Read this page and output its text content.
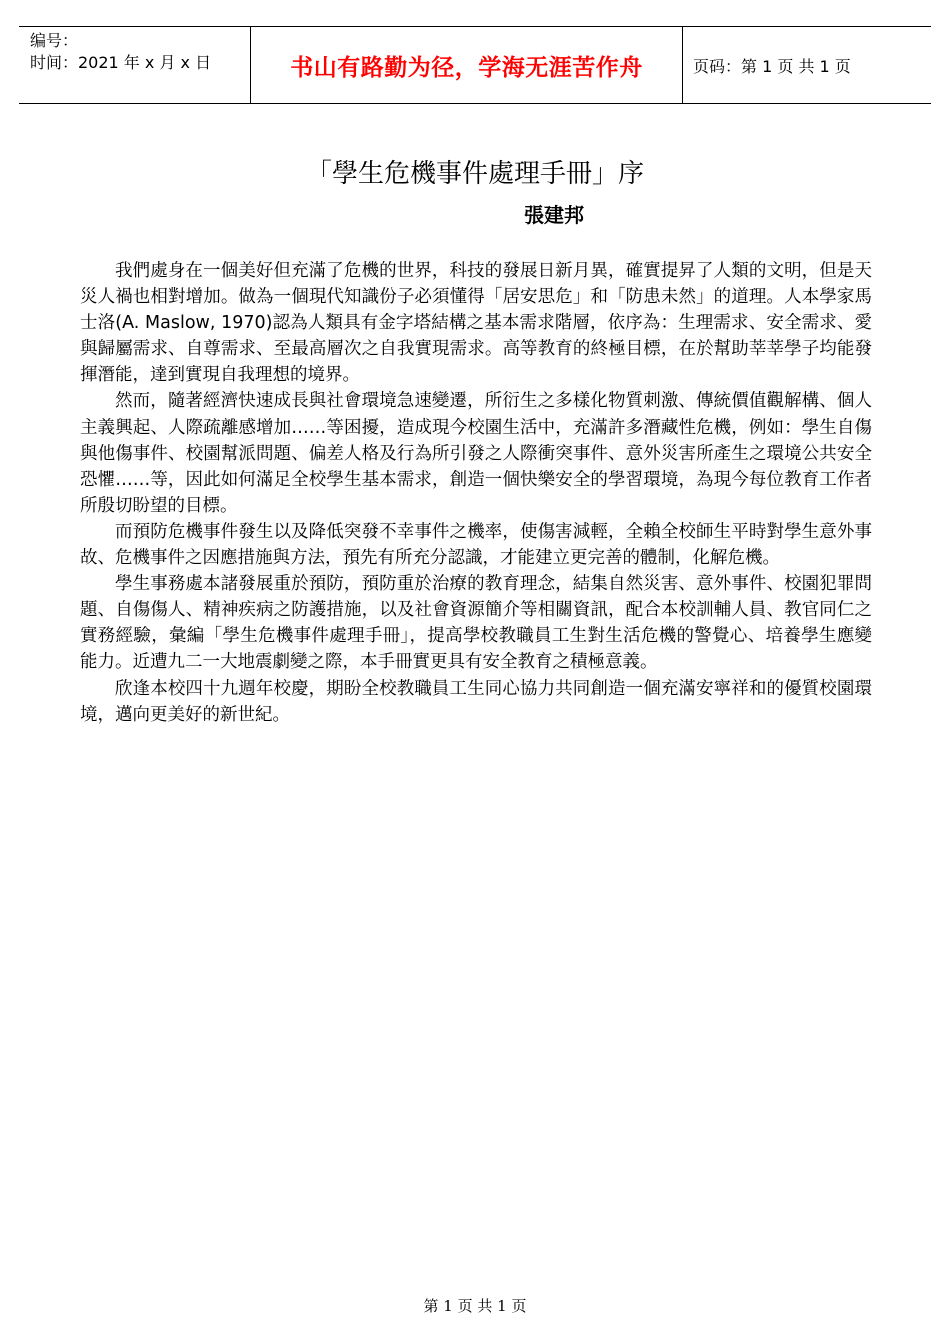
编号：
时间：2021 年 x 月 x 日	书山有路勤为径，学海无涯苦作舟	页码：第 1 页 共 1 页
「學生危機事件處理手冊」序
張建邦

我們處身在一個美好但充滿了危機的世界，科技的發展日新月異，確實提昇了人類的文明，但是天災人禍也相對增加。做為一個現代知識份子必須懂得「居安思危」和「防患未然」的道理。人本學家馬士洛(A. Maslow, 1970)認為人類具有金字塔結構之基本需求階層，依序為：生理需求、安全需求、愛與歸屬需求、自尊需求、至最高層次之自我實現需求。高等教育的終極目標，在於幫助莘莘學子均能發揮潛能，達到實現自我理想的境界。

然而，隨著經濟快速成長與社會環境急速變遷，所衍生之多樣化物質刺激、傳統價值觀解構、個人主義興起、人際疏離感增加……等困擾，造成現今校園生活中，充滿許多潛藏性危機，例如：學生自傷與他傷事件、校園幫派問題、偏差人格及行為所引發之人際衝突事件、意外災害所產生之環境公共安全恐懼……等，因此如何滿足全校學生基本需求，創造一個快樂安全的學習環境，為現今每位教育工作者所殷切盼望的目標。

而預防危機事件發生以及降低突發不幸事件之機率，使傷害減輕，全賴全校師生平時對學生意外事故、危機事件之因應措施與方法，預先有所充分認識，才能建立更完善的體制，化解危機。

學生事務處本諸發展重於預防，預防重於治療的教育理念，結集自然災害、意外事件、校園犯罪問題、自傷傷人、精神疾病之防護措施，以及社會資源簡介等相關資訊，配合本校訓輔人員、教官同仁之實務經驗，彙編「學生危機事件處理手冊」，提高學校教職員工生對生活危機的警覺心、培養學生應變能力。近遭九二一大地震劇變之際，本手冊實更具有安全教育之積極意義。

欣逢本校四十九週年校慶，期盼全校教職員工生同心協力共同創造一個充滿安寧祥和的優質校園環境，邁向更美好的新世紀。

第 1 页 共 1 页
